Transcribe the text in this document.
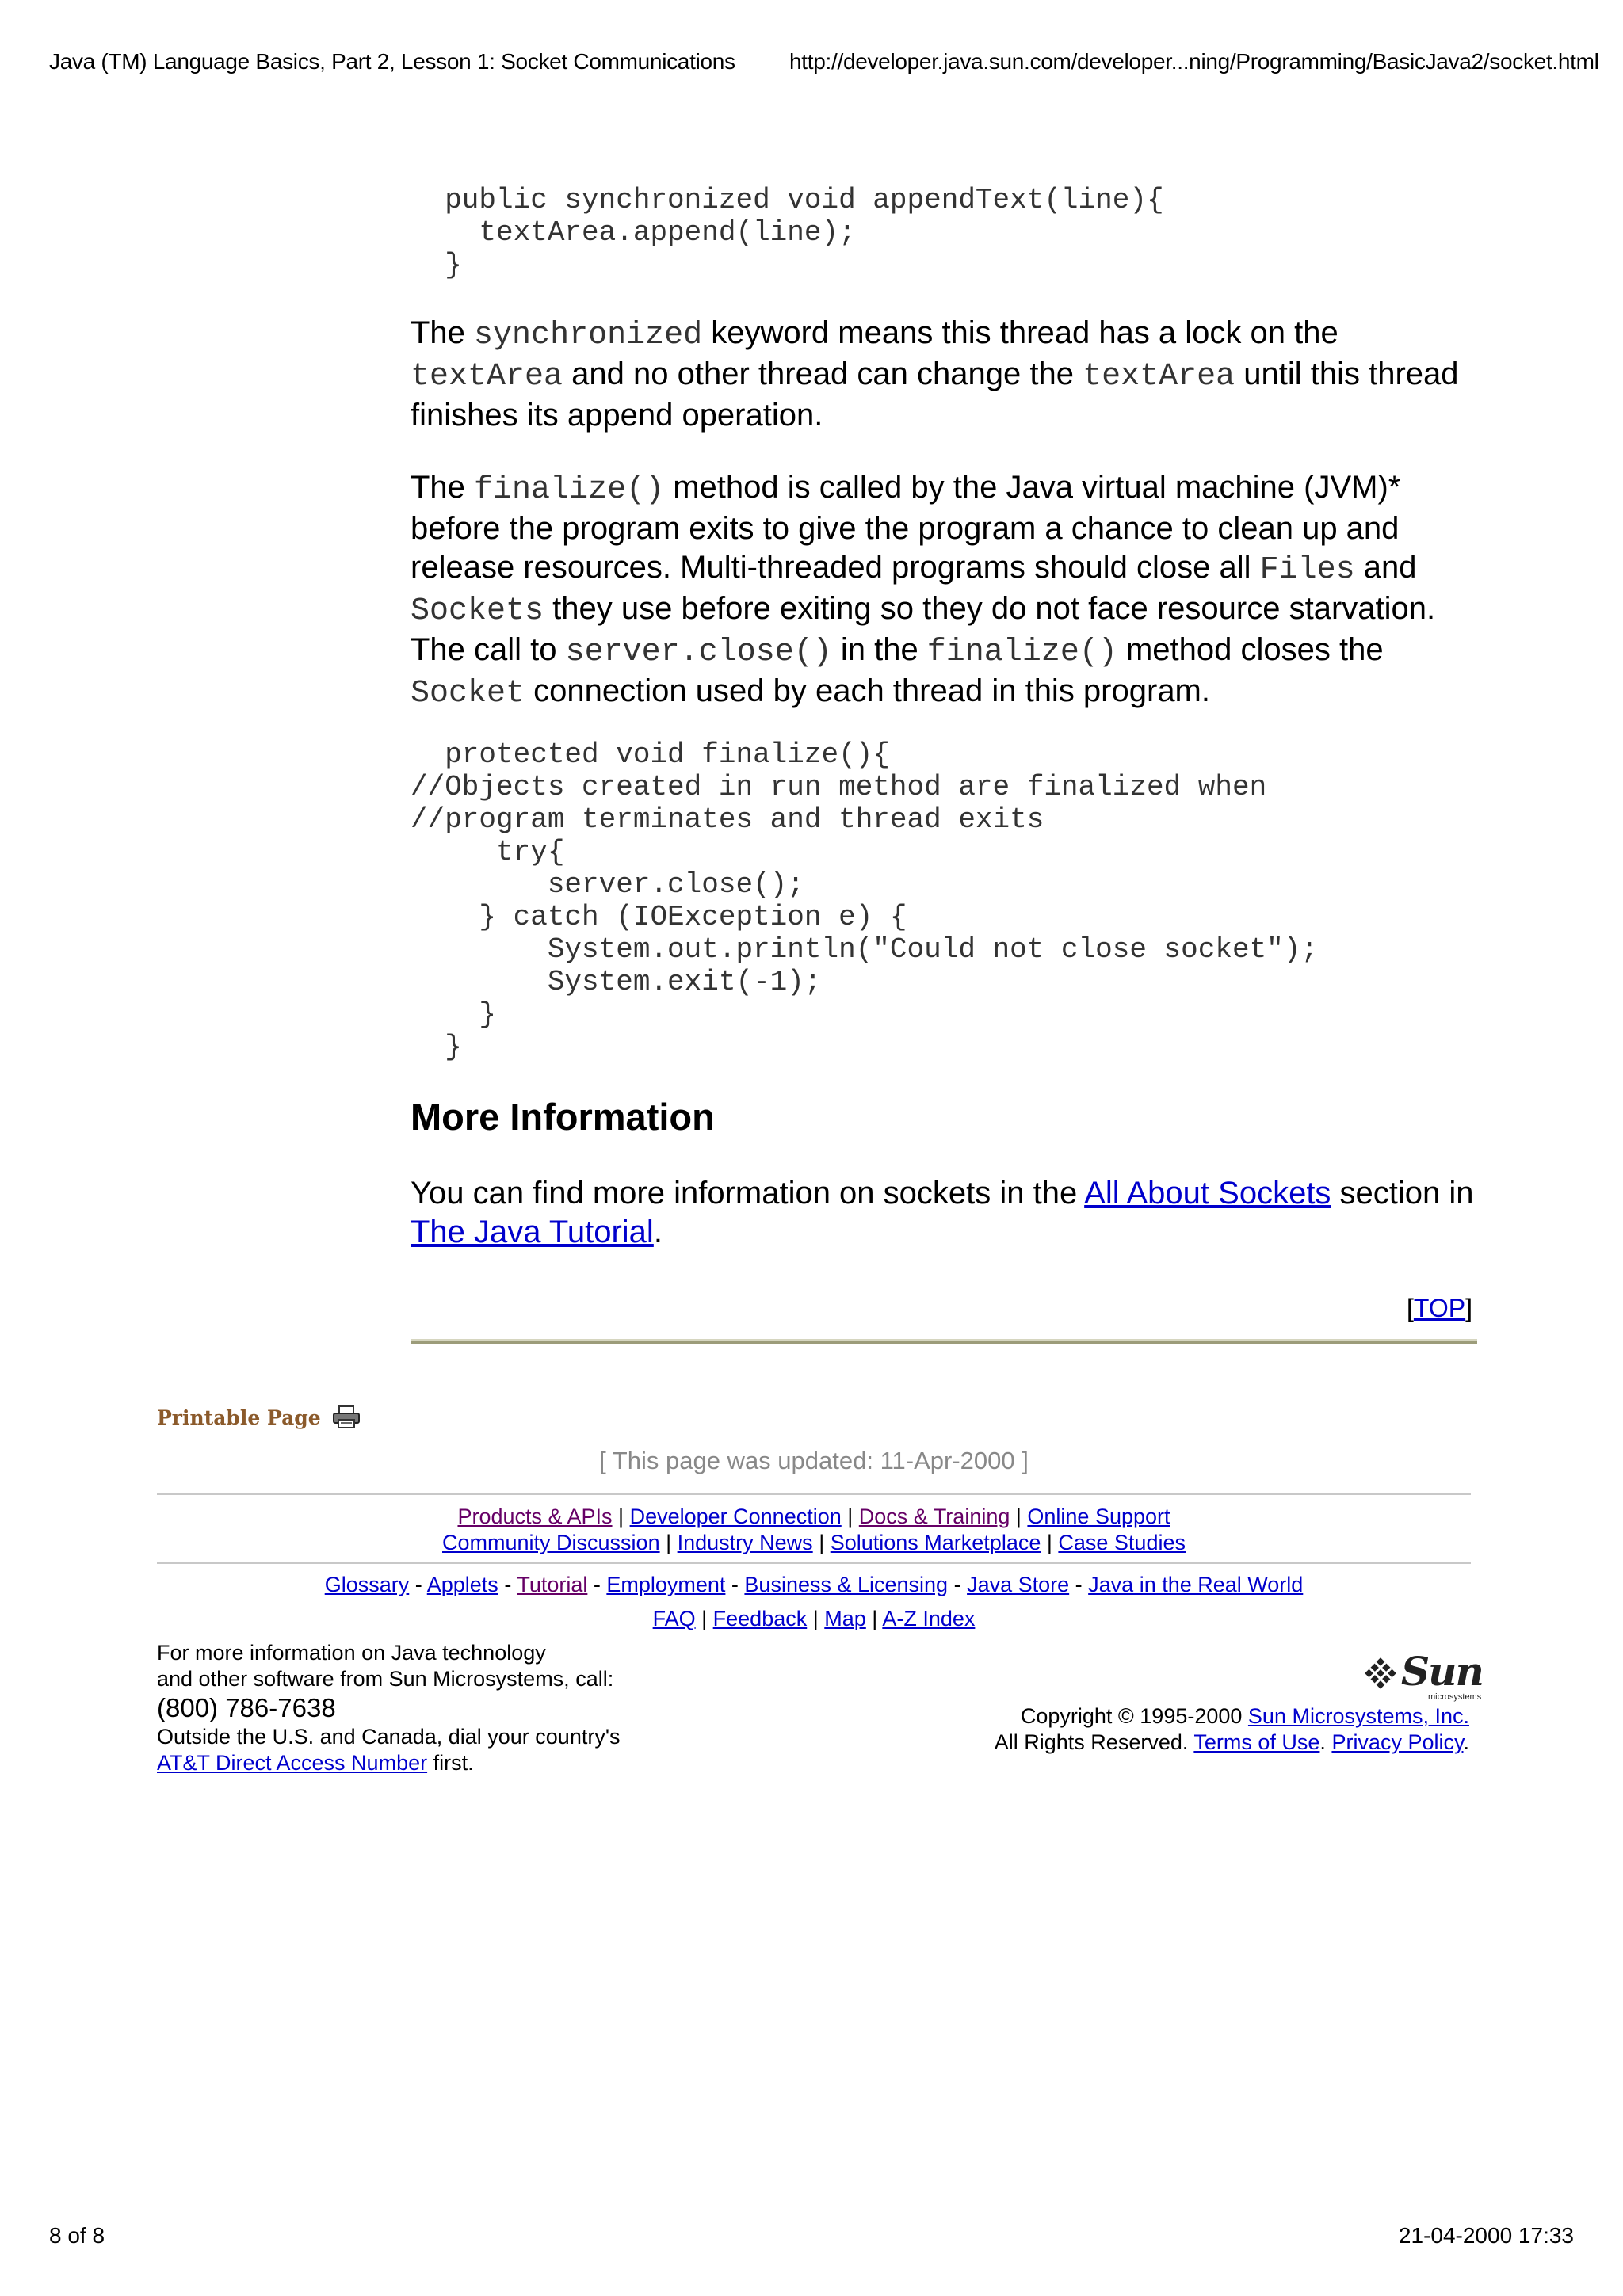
Java (TM) Language Basics, Part 2, Lesson 1: Socket Communications http://developer.java.sun.com/developer...ning/Programming/BasicJava2/socket.html
public synchronized void appendText(line){
textArea.append(line);
}
The synchronized keyword means this thread has a lock on the textArea and no other thread can change the textArea until this thread finishes its append operation.
The finalize() method is called by the Java virtual machine (JVM)* before the program exits to give the program a chance to clean up and release resources. Multi-threaded programs should close all Files and Sockets they use before exiting so they do not face resource starvation. The call to server.close() in the finalize() method closes the Socket connection used by each thread in this program.
protected void finalize(){
//Objects created in run method are finalized when
//program terminates and thread exits
try{
server.close();
} catch (IOException e) {
System.out.println("Could not close socket");
System.exit(-1);
}
}
More Information
You can find more information on sockets in the All About Sockets section in The Java Tutorial.
[TOP]
Printable Page
[ This page was updated: 11-Apr-2000 ]
Products & APIs | Developer Connection | Docs & Training | Online Support
Community Discussion | Industry News | Solutions Marketplace | Case Studies
Glossary - Applets - Tutorial - Employment - Business & Licensing - Java Store - Java in the Real World
FAQ | Feedback | Map | A-Z Index
For more information on Java technology
and other software from Sun Microsystems, call:
(800) 786-7638
Outside the U.S. and Canada, dial your country's
AT&T Direct Access Number first.
Sun
microsystems
Copyright © 1995-2000 Sun Microsystems, Inc.
All Rights Reserved. Terms of Use. Privacy Policy.
8 of 8	21-04-2000 17:33
